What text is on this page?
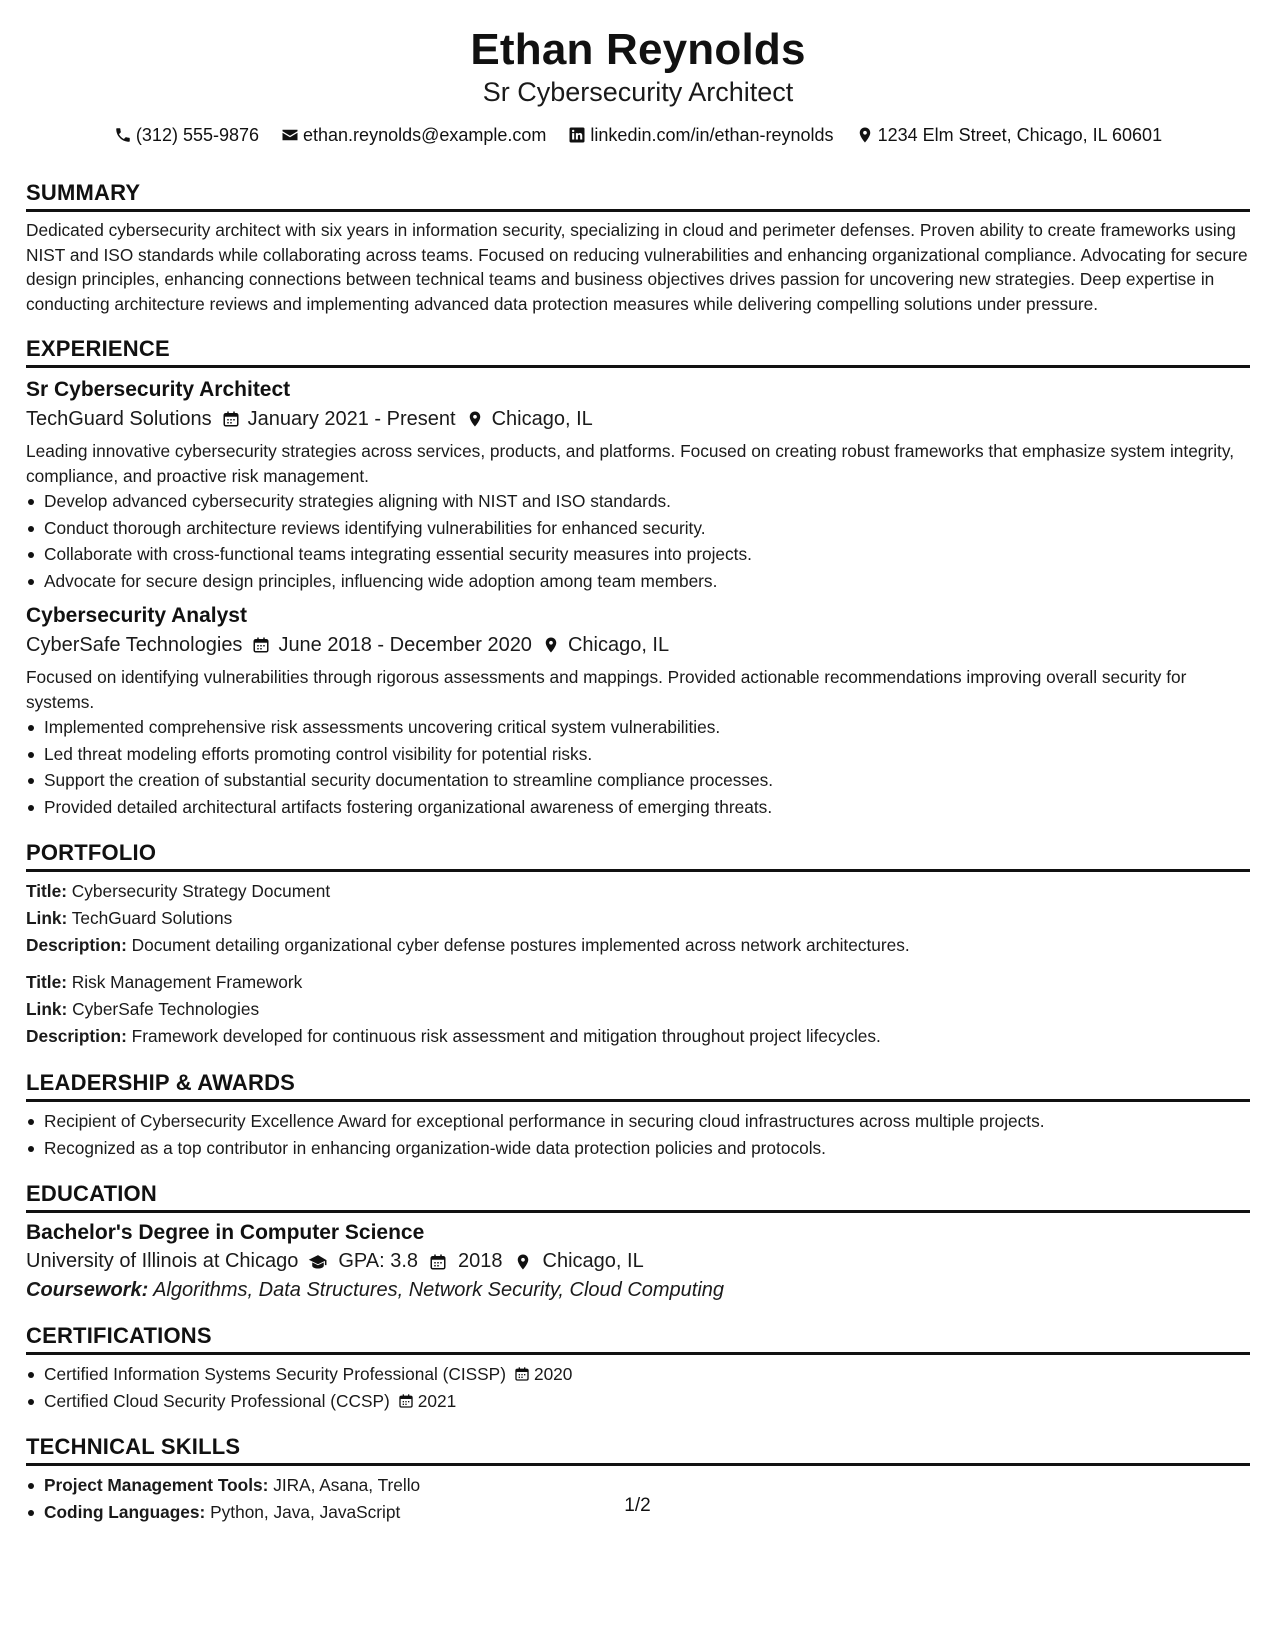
Ethan Reynolds
Sr Cybersecurity Architect
(312) 555-9876 ethan.reynolds@example.com linkedin.com/in/ethan-reynolds 1234 Elm Street, Chicago, IL 60601
SUMMARY
Dedicated cybersecurity architect with six years in information security, specializing in cloud and perimeter defenses. Proven ability to create frameworks using NIST and ISO standards while collaborating across teams. Focused on reducing vulnerabilities and enhancing organizational compliance. Advocating for secure design principles, enhancing connections between technical teams and business objectives drives passion for uncovering new strategies. Deep expertise in conducting architecture reviews and implementing advanced data protection measures while delivering compelling solutions under pressure.
EXPERIENCE
Sr Cybersecurity Architect
TechGuard Solutions January 2021 - Present Chicago, IL
Leading innovative cybersecurity strategies across services, products, and platforms. Focused on creating robust frameworks that emphasize system integrity, compliance, and proactive risk management.
Develop advanced cybersecurity strategies aligning with NIST and ISO standards.
Conduct thorough architecture reviews identifying vulnerabilities for enhanced security.
Collaborate with cross-functional teams integrating essential security measures into projects.
Advocate for secure design principles, influencing wide adoption among team members.
Cybersecurity Analyst
CyberSafe Technologies June 2018 - December 2020 Chicago, IL
Focused on identifying vulnerabilities through rigorous assessments and mappings. Provided actionable recommendations improving overall security for systems.
Implemented comprehensive risk assessments uncovering critical system vulnerabilities.
Led threat modeling efforts promoting control visibility for potential risks.
Support the creation of substantial security documentation to streamline compliance processes.
Provided detailed architectural artifacts fostering organizational awareness of emerging threats.
PORTFOLIO
Title: Cybersecurity Strategy Document
Link: TechGuard Solutions
Description: Document detailing organizational cyber defense postures implemented across network architectures.
Title: Risk Management Framework
Link: CyberSafe Technologies
Description: Framework developed for continuous risk assessment and mitigation throughout project lifecycles.
LEADERSHIP & AWARDS
Recipient of Cybersecurity Excellence Award for exceptional performance in securing cloud infrastructures across multiple projects.
Recognized as a top contributor in enhancing organization-wide data protection policies and protocols.
EDUCATION
Bachelor's Degree in Computer Science
University of Illinois at Chicago GPA: 3.8 2018 Chicago, IL
Coursework: Algorithms, Data Structures, Network Security, Cloud Computing
CERTIFICATIONS
Certified Information Systems Security Professional (CISSP) 2020
Certified Cloud Security Professional (CCSP) 2021
TECHNICAL SKILLS
Project Management Tools: JIRA, Asana, Trello
Coding Languages: Python, Java, JavaScript	1/2
